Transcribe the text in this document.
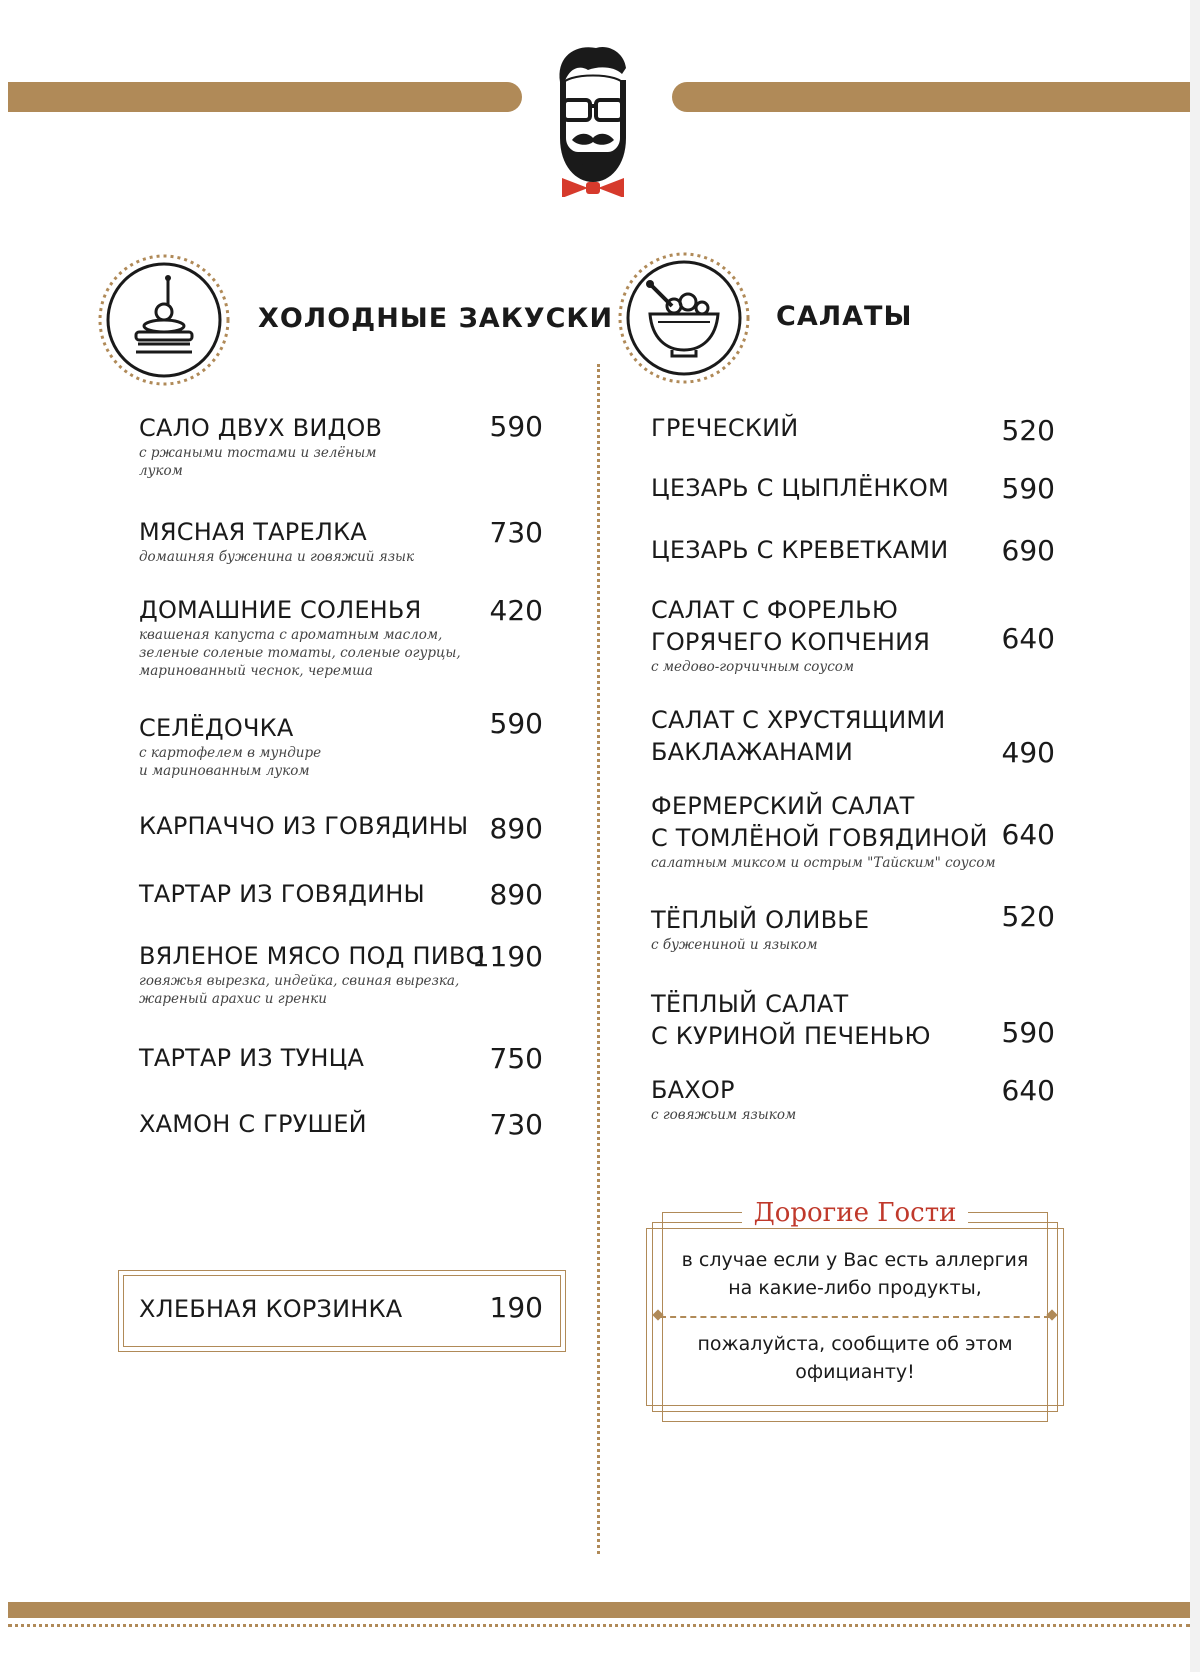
ХОЛОДНЫЕ ЗАКУСКИ	САЛАТЫ
САЛО ДВУХ ВИДОВ
с ржаными тостами и зелёным
луком
590
МЯСНАЯ ТАРЕЛКА
домашняя буженина и говяжий язык
730
ДОМАШНИЕ СОЛЕНЬЯ
квашеная капуста с ароматным маслом,
зеленые соленые томаты, соленые огурцы,
маринованный чеснок, черемша
420
СЕЛЁДОЧКА
с картофелем в мундире
и маринованным луком
590
КАРПАЧЧО ИЗ ГОВЯДИНЫ 890
ТАРТАР ИЗ ГОВЯДИНЫ	890
ВЯЛЕНОЕ МЯСО ПОД ПИВО
говяжья вырезка, индейка, свиная вырезка,
жареный арахис и гренки
1190
ТАРТАР ИЗ ТУНЦА	750
ХАМОН С ГРУШЕЙ	730
ХЛЕБНАЯ КОРЗИНКА	190
ГРЕЧЕСКИЙ	520
ЦЕЗАРЬ С ЦЫПЛЁНКОМ	590
ЦЕЗАРЬ С КРЕВЕТКАМИ	690
САЛАТ С ФОРЕЛЬЮ
ГОРЯЧЕГО КОПЧЕНИЯ
с медово-горчичным соусом
640
САЛАТ С ХРУСТЯЩИМИ
БАКЛАЖАНАМИ	490
ФЕРМЕРСКИЙ САЛАТ
С ТОМЛЁНОЙ ГОВЯДИНОЙ
салатным миксом и острым "Тайским" соусом
640
ТЁПЛЫЙ ОЛИВЬЕ
с бужениной и языком
520
ТЁПЛЫЙ САЛАТ
С КУРИНОЙ ПЕЧЕНЬЮ	590
БАХОР
с говяжьим языком
640
Дорогие Гости
в случае если у Вас есть аллергия
на какие-либо продукты,
пожалуйста, сообщите об этом
официанту!
